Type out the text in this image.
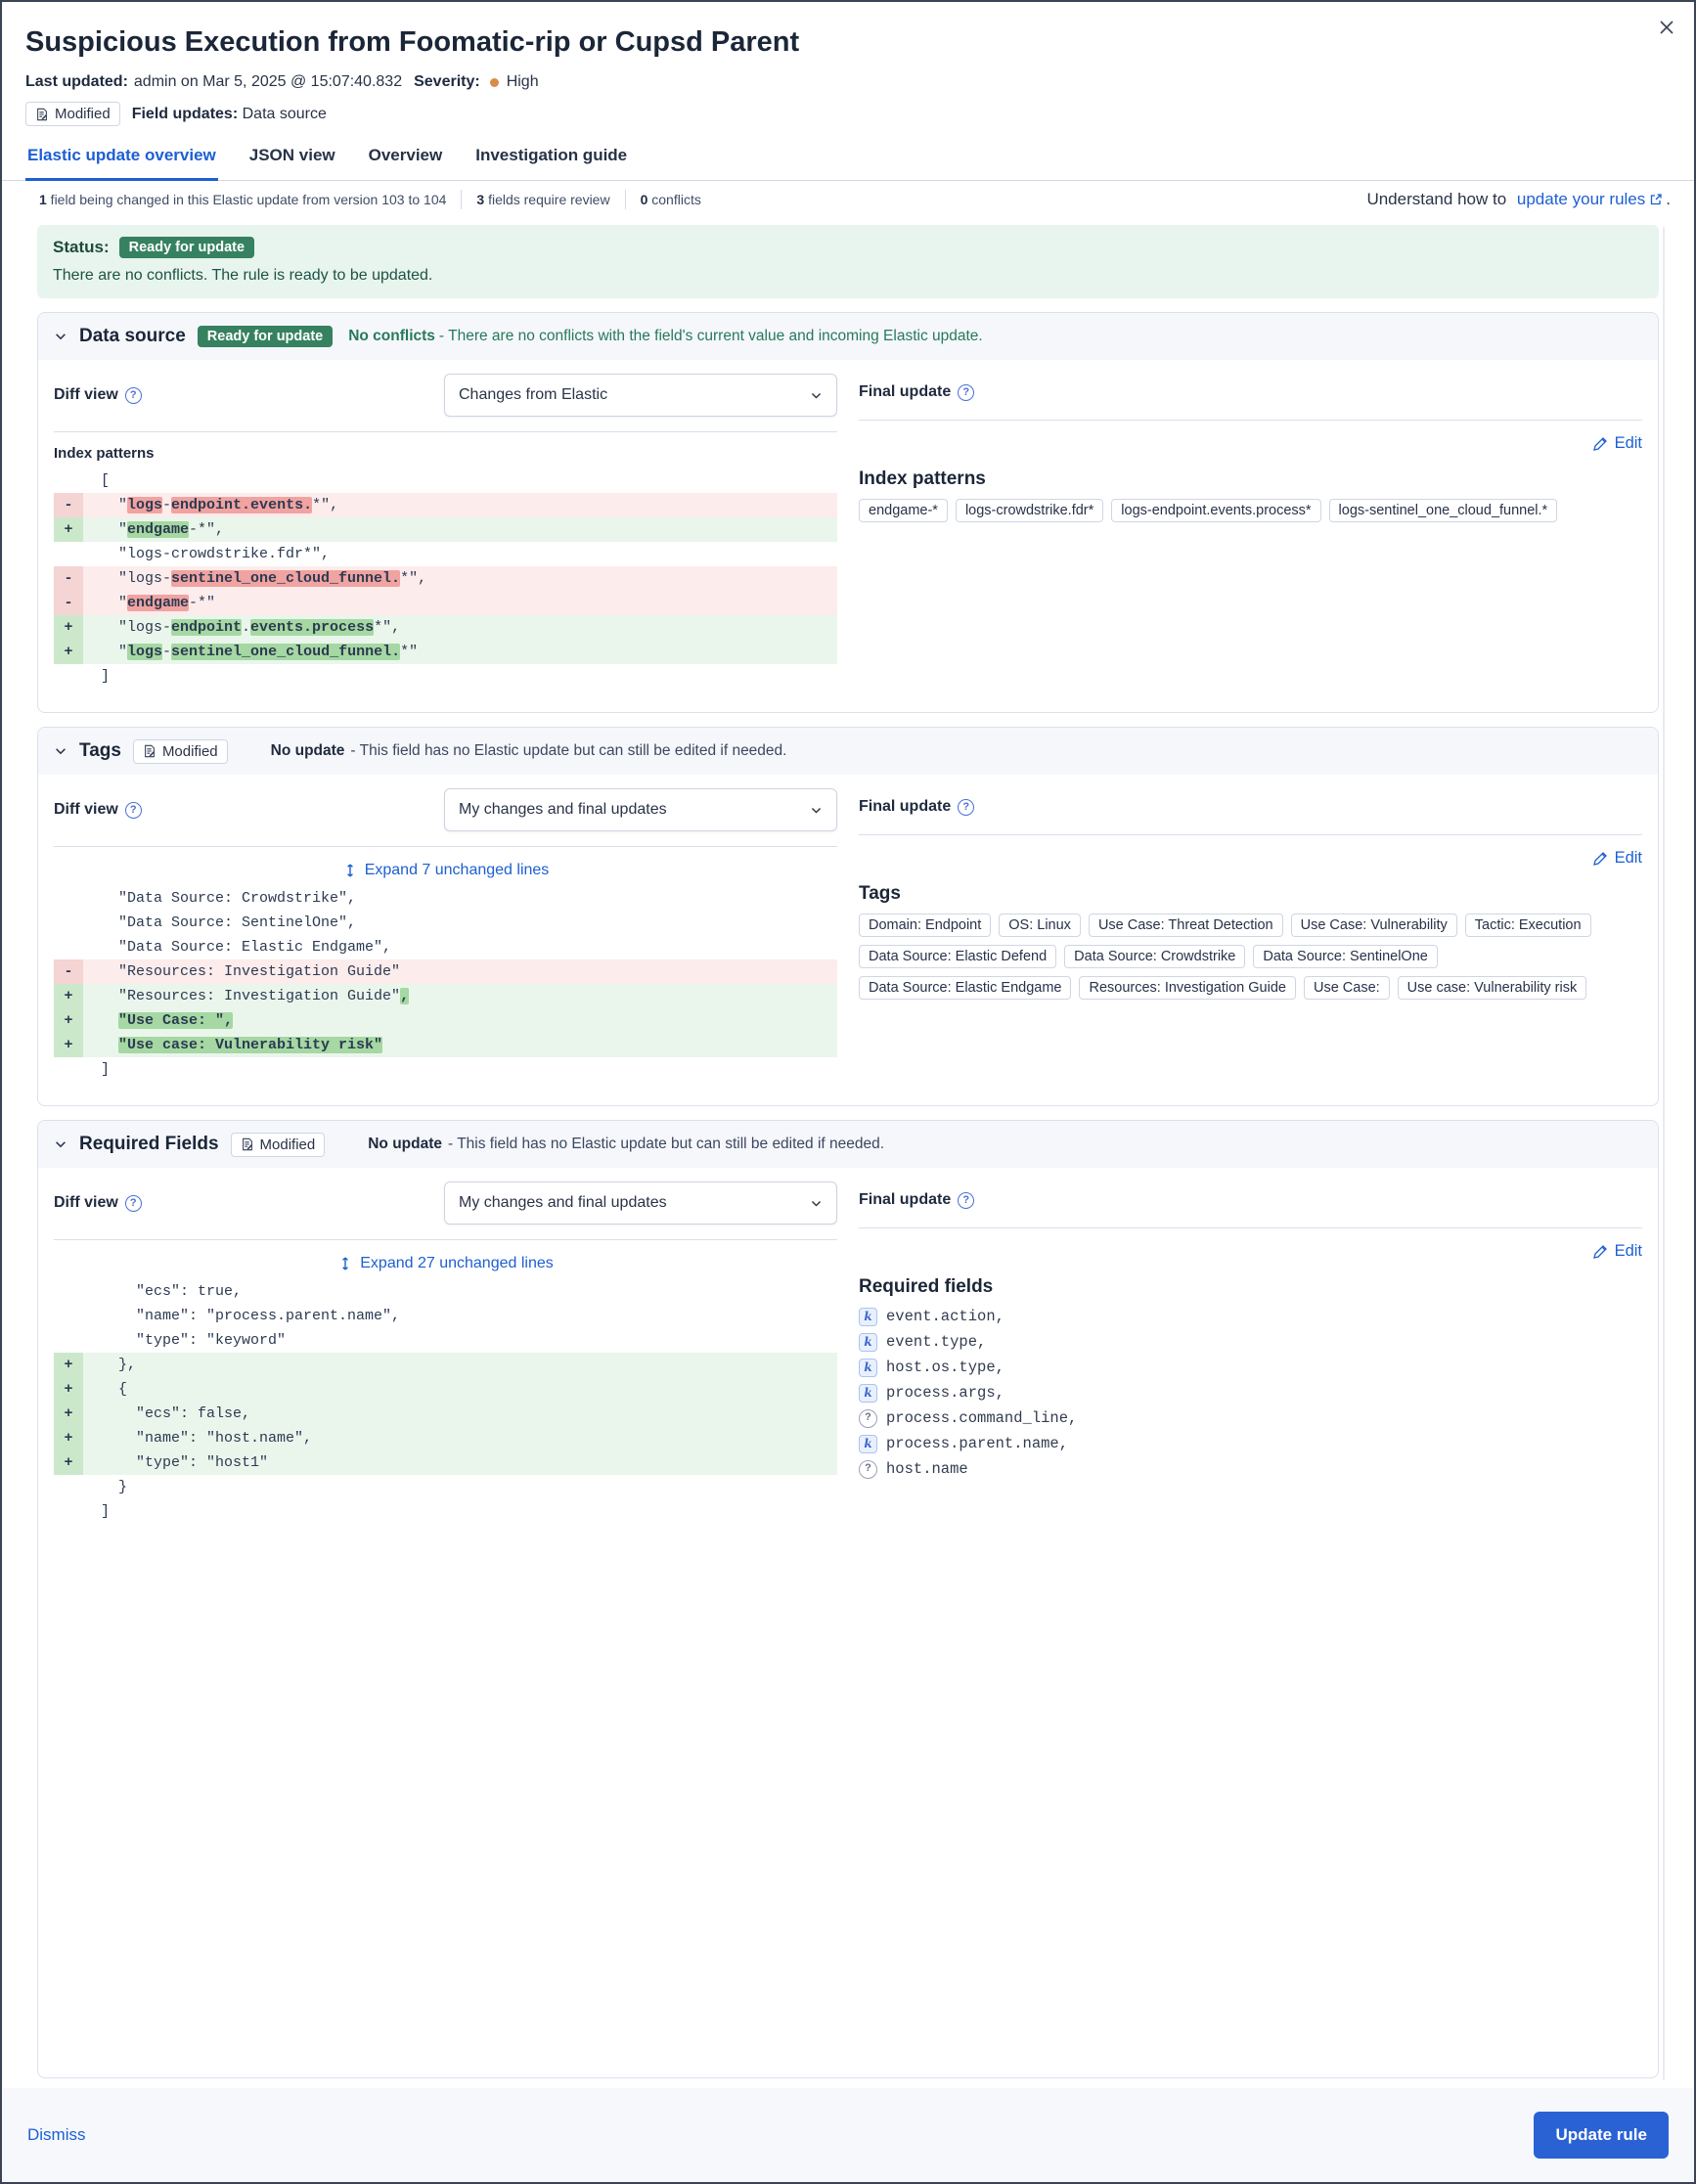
Suspicious Execution from Foomatic-rip or Cupsd Parent
Last updated: admin on Mar 5, 2025 @ 15:07:40.832 Severity: High
Modified Field updates: Data source
Elastic update overview JSON view Overview Investigation guide
1 field being changed in this Elastic update from version 103 to 104 3 fields require review 0 conflicts	Understand how to
update your rules .
Status:	Ready for update
There are no conflicts. The rule is ready to be updated.
Data source	Ready for update	No conflicts - There are no conflicts with the field's current value and incoming Elastic update.
Diff view	?	Changes from Elastic
Index patterns
[
- "logs-endpoint.events.*",
+ "endgame-*",
"logs-crowdstrike.fdr*",
- "logs-sentinel_one_cloud_funnel.*",
- "endgame-*"
+ "logs-endpoint.events.process*",
+ "logs-sentinel_one_cloud_funnel.*"
]
Final update	?
Edit
Index patterns
endgame-*	logs-crowdstrike.fdr*	logs-endpoint.events.process*	logs-sentinel_one_cloud_funnel.*
Tags	Modified	No update - This field has no Elastic update but can still be edited if needed.
Diff view	?	My changes and final updates
Expand 7 unchanged lines
"Data Source: Crowdstrike",
"Data Source: SentinelOne",
"Data Source: Elastic Endgame",
- "Resources: Investigation Guide"
+ "Resources: Investigation Guide",
+	"Use Case: ",
+	"Use case: Vulnerability risk"
]
Final update	?
Edit
Tags
Domain: Endpoint	OS: Linux	Use Case: Threat Detection	Use Case: Vulnerability	Tactic: Execution
Data Source: Elastic Defend	Data Source: Crowdstrike	Data Source: SentinelOne
Data Source: Elastic Endgame	Resources: Investigation Guide	Use Case:	Use case: Vulnerability risk
Required Fields	Modified	No update - This field has no Elastic update but can still be edited if needed.
Diff view	?	My changes and final updates
Expand 27 unchanged lines
"ecs": true,
"name": "process.parent.name",
"type": "keyword"
+ },
+ {
+ "ecs": false,
+ "name": "host.name",
+ "type": "host1"
}
]
Final update	?
Edit
Required fields
k event.action,
k event.type,
k host.os.type,
k process.args,
? process.command_line,
k process.parent.name,
? host.name
Dismiss	Update rule
